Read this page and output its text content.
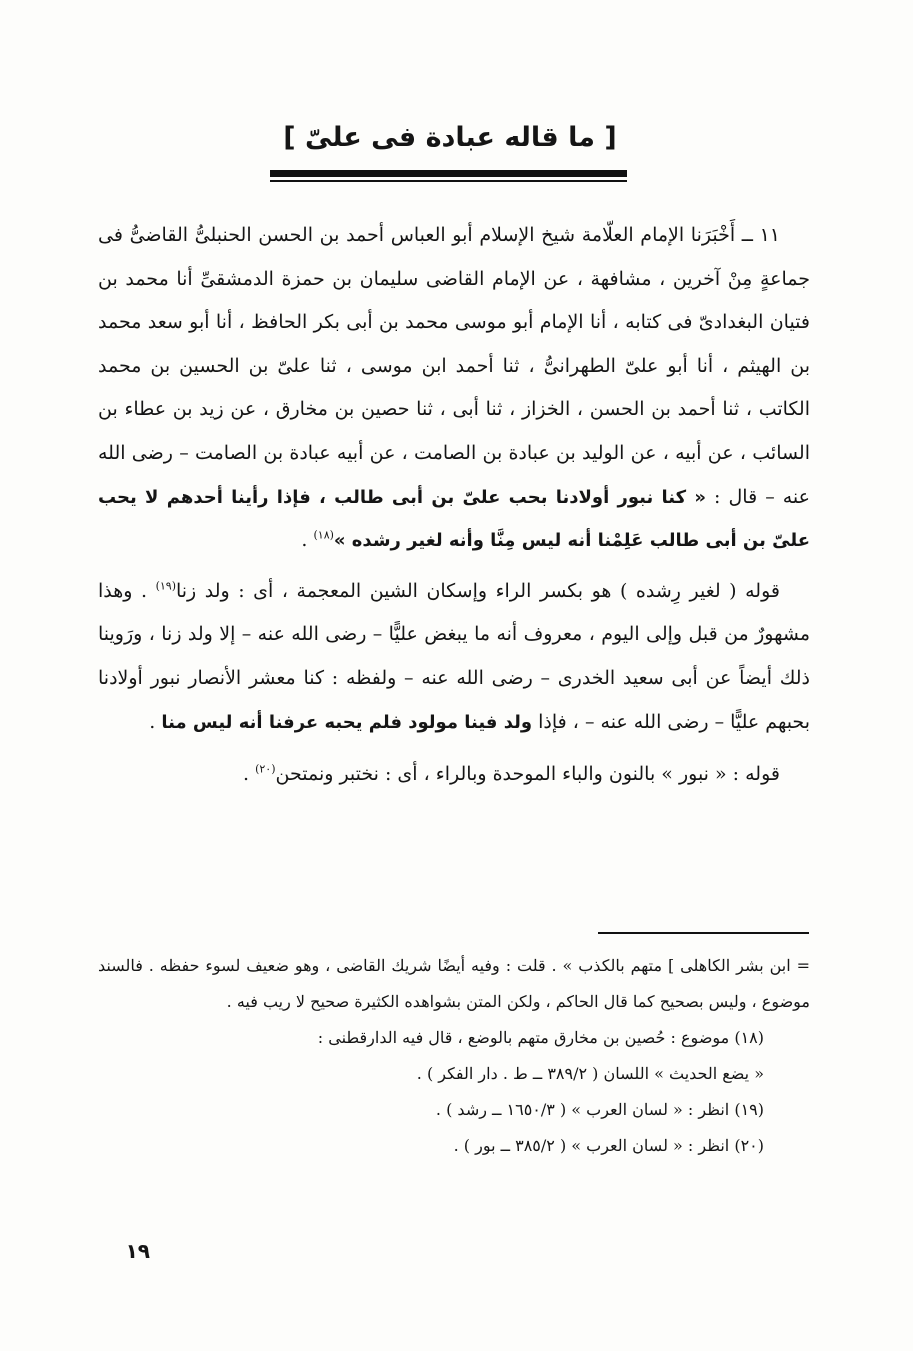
[ ما قاله عبادة فى علىّ ]

١١ ــ أَخْبَرَنا الإمام العلّامة شيخ الإسلام أبو العباس أحمد بن الحسن الحنبلىُّ القاضىُّ فى جماعةٍ مِنْ آخرين ، مشافهة ، عن الإمام القاضى سليمان بن حمزة الدمشقىِّ أنا محمد بن فتيان البغدادىّ فى كتابه ، أنا الإمام أبو موسى محمد بن أبى بكر الحافظ ، أنا أبو سعد محمد بن الهيثم ، أنا أبو علىّ الطهرانىُّ ، ثنا أحمد ابن موسى ، ثنا علىّ بن الحسين بن محمد الكاتب ، ثنا أحمد بن الحسن ، الخزاز ، ثنا أبى ، ثنا حصين بن مخارق ، عن زيد بن عطاء بن السائب ، عن أبيه ، عن الوليد بن عبادة بن الصامت ، عن أبيه عبادة بن الصامت – رضى الله عنه – قال : « كنا نبور أولادنا بحب علىّ بن أبى طالب ، فإذا رأينا أحدهم لا يحب علىّ بن أبى طالب عَلِمْنا أنه ليس مِنَّا وأنه لغير رشده »$^{(١٨)}$ .

قوله ( لغير رِشده ) هو بكسر الراء وإسكان الشين المعجمة ، أى : ولد زنا$^{(١٩)}$ . وهذا مشهورٌ من قبل وإلى اليوم ، معروف أنه ما يبغض عليًّا – رضى الله عنه – إلا ولد زنا ، ورَوينا ذلك أيضاً عن أبى سعيد الخدرى – رضى الله عنه – ولفظه : كنا معشر الأنصار نبور أولادنا بحبهم عليًّا – رضى الله عنه – ، فإذا ولد فينا مولود فلم يحبه عرفنا أنه ليس منا .

قوله : « نبور » بالنون والباء الموحدة وبالراء ، أى : نختبر ونمتحن$^{(٢٠)}$ .

= ابن بشر الكاهلى ] متهم بالكذب » . قلت : وفيه أيضًا شريك القاضى ، وهو ضعيف لسوء حفظه . فالسند موضوع ، وليس بصحيح كما قال الحاكم ، ولكن المتن بشواهده الكثيرة صحيح لا ريب فيه .

(١٨) موضوع : حُصين بن مخارق متهم بالوضع ، قال فيه الدارقطنى :

« يضع الحديث » اللسان ( ٣٨٩/٢ ــ ط . دار الفكر ) .

(١٩) انظر : « لسان العرب » ( ١٦٥٠/٣ ــ رشد ) .

(٢٠) انظر : « لسان العرب » ( ٣٨٥/٢ ــ بور ) .

١٩
